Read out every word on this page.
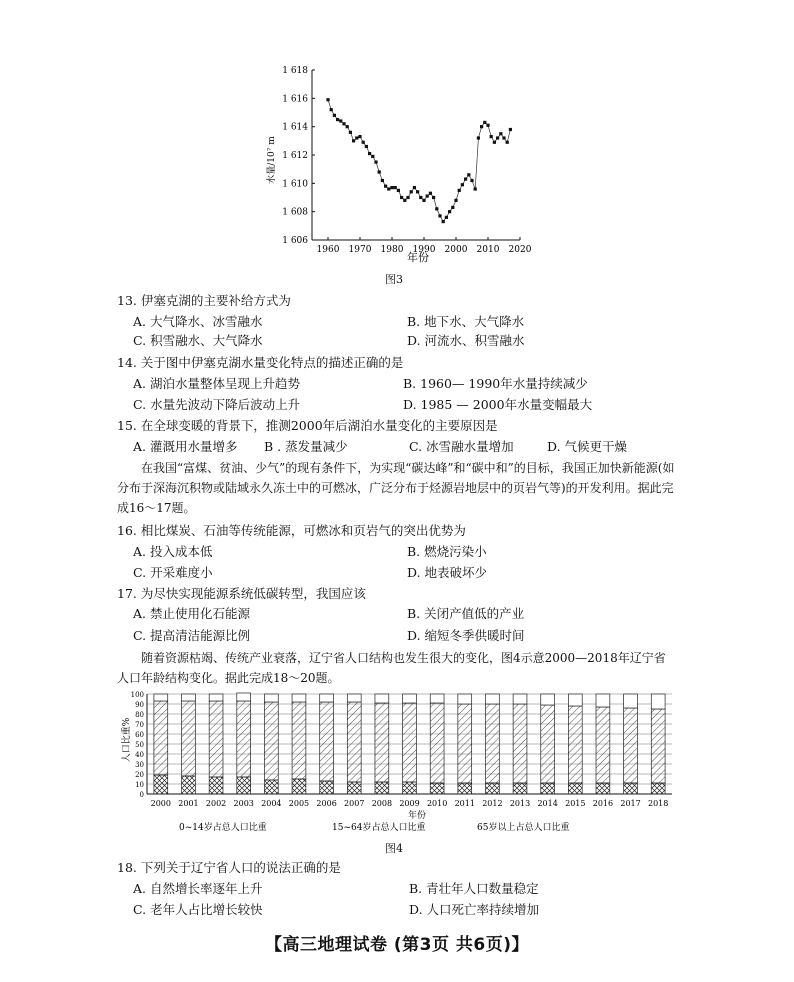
1960 1970 1980 1990 2000 2010 2020
1 606
1 608
1 610
1 612
1 614
1 616
1 618
年份
水量/10⁷ m
图3
13. 伊塞克湖的主要补给方式为
A. 大气降水、冰雪融水	B. 地下水、大气降水
C. 积雪融水、大气降水	D. 河流水、积雪融水
14. 关于图中伊塞克湖水量变化特点的描述正确的是
A. 湖泊水量整体呈现上升趋势	B. 1960— 1990年水量持续减少
C. 水量先波动下降后波动上升	D. 1985 — 2000年水量变幅最大
15. 在全球变暖的背景下，推测2000年后湖泊水量变化的主要原因是
A. 灌溉用水量增多 B . 蒸发量减少	C. 冰雪融水量增加	D. 气候更干燥
在我国“富煤、贫油、少气”的现有条件下，为实现“碳达峰”和“碳中和”的目标，我国正加快新能源(如分布于深海沉积物或陆域永久冻土中的可燃冰，广泛分布于烃源岩地层中的页岩气等)的开发利用。据此完成16～17题。
16. 相比煤炭、石油等传统能源，可燃冰和页岩气的突出优势为
A. 投入成本低	B. 燃烧污染小
C. 开采难度小	D. 地表破坏少
17. 为尽快实现能源系统低碳转型，我国应该
A. 禁止使用化石能源	B. 关闭产值低的产业
C. 提高清洁能源比例	D. 缩短冬季供暖时间
随着资源枯竭、传统产业衰落，辽宁省人口结构也发生很大的变化，图4示意2000—2018年辽宁省人口年龄结构变化。据此完成18～20题。
0
10
20
30
40
50
60
70
80
90
100
2000 2001 2002 2003 2004 2005 2006 2007 2008 2009 2010 2011 2012 2013 2014 2015 2016 2017 2018
人口比重%
年份
0~14岁占总人口比重	15~64岁占总人口比重	65岁以上占总人口比重
图4
18. 下列关于辽宁省人口的说法正确的是
A. 自然增长率逐年上升	B. 青壮年人口数量稳定
C. 老年人占比增长较快	D. 人口死亡率持续增加
【高三地理试卷 (第3页 共6页)】
